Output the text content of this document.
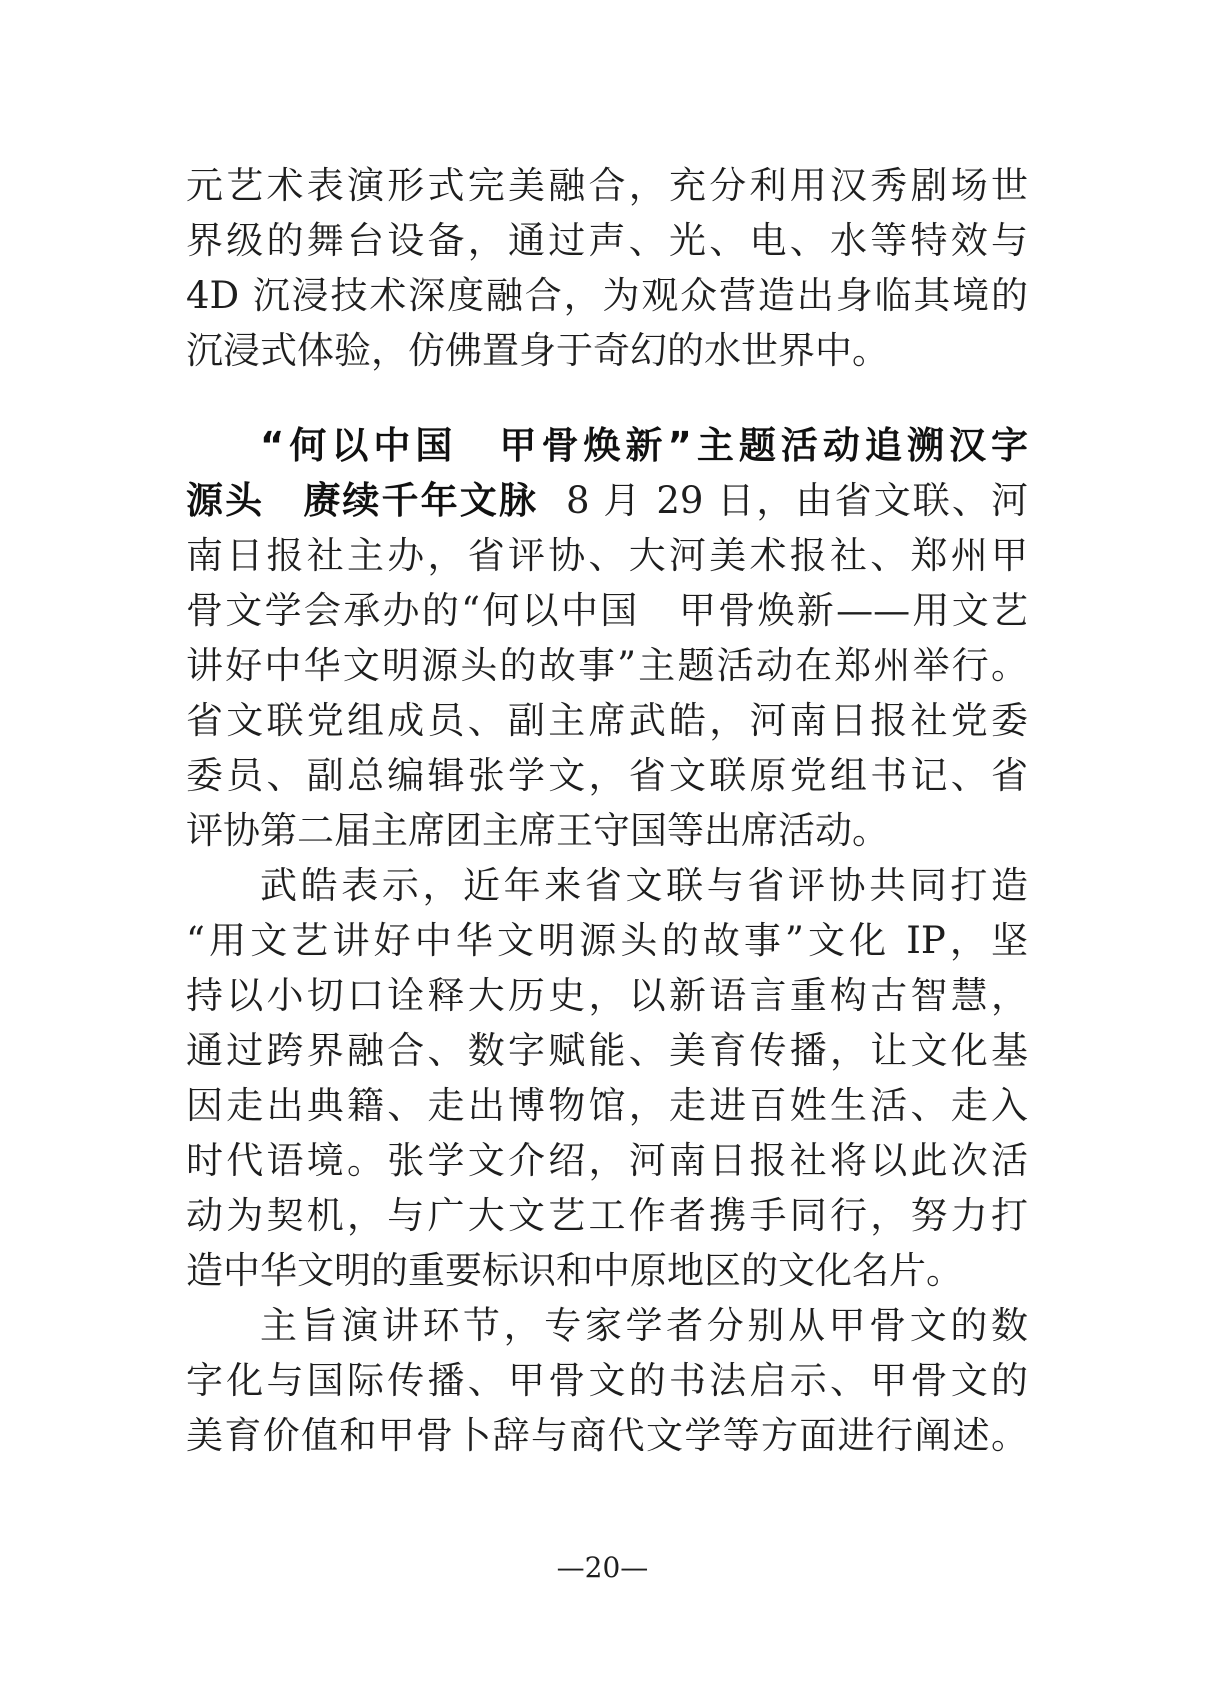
元艺术表演形式完美融合，充分利用汉秀剧场世
界级的舞台设备，通过声、光、电、水等特效与
4D 沉浸技术深度融合，为观众营造出身临其境的
沉浸式体验，仿佛置身于奇幻的水世界中。
“何以中国　甲骨焕新”主题活动追溯汉字
源头　赓续千年文脉 8 月 29 日，由省文联、河
南日报社主办，省评协、大河美术报社、郑州甲
骨文学会承办的“何以中国　甲骨焕新——用文艺
讲好中华文明源头的故事”主题活动在郑州举行。
省文联党组成员、副主席武皓，河南日报社党委
委员、副总编辑张学文，省文联原党组书记、省
评协第二届主席团主席王守国等出席活动。
武皓表示，近年来省文联与省评协共同打造
“用文艺讲好中华文明源头的故事”文化 IP，坚
持以小切口诠释大历史，以新语言重构古智慧，
通过跨界融合、数字赋能、美育传播，让文化基
因走出典籍、走出博物馆，走进百姓生活、走入
时代语境。张学文介绍，河南日报社将以此次活
动为契机，与广大文艺工作者携手同行，努力打
造中华文明的重要标识和中原地区的文化名片。
主旨演讲环节，专家学者分别从甲骨文的数
字化与国际传播、甲骨文的书法启示、甲骨文的
美育价值和甲骨卜辞与商代文学等方面进行阐述。
—20—
